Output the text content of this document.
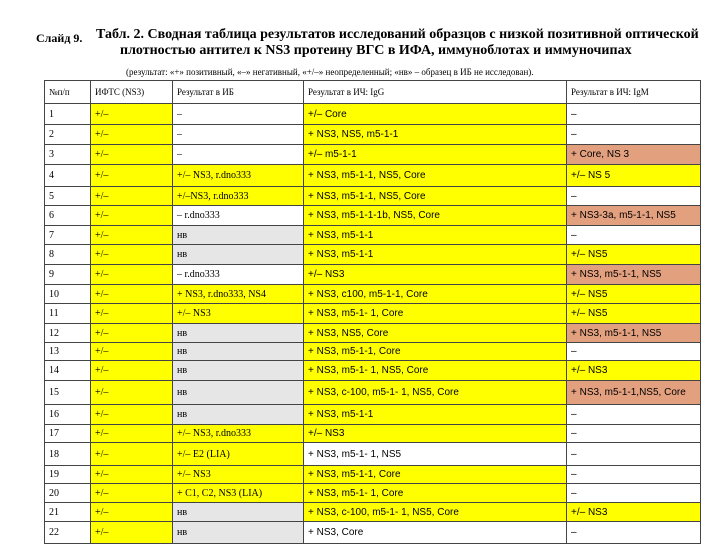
Слайд 9. Табл. 2. Сводная таблица результатов исследований образцов с низкой позитивной оптической
плотностью антител к NS3 протеину ВГС в ИФА, иммуноблотах и иммуночипах
(результат: «+» позитивный, «–» негативный, «+/–» неопределенный; «нв» – образец в ИБ не исследован).
№п/п	ИФТС (NS3)	Результат в ИБ	Результат в ИЧ: IgG	Результат в ИЧ: IgM
1	+/–	–	+/– Core	–
2	+/–	–	+ NS3, NS5, m5-1-1	–
3	+/–	–	+/– m5-1-1	+ Core, NS 3
4	+/–	+/– NS3, r.dno333	+ NS3, m5-1-1, NS5, Core	+/– NS 5
5	+/–	+/–NS3, r.dno333	+ NS3, m5-1-1, NS5, Core	–
6	+/–	– r.dno333	+ NS3, m5-1-1-1b, NS5, Core	+ NS3-3a, m5-1-1, NS5
7	+/–	нв	+ NS3, m5-1-1	–
8	+/–	нв	+ NS3, m5-1-1	+/– NS5
9	+/–	– r.dno333	+/– NS3	+ NS3, m5-1-1, NS5
10	+/–	+ NS3, r.dno333, NS4	+ NS3, c100, m5-1-1, Core	+/– NS5
11	+/–	+/– NS3	+ NS3, m5-1- 1, Core	+/– NS5
12	+/–	нв	+ NS3, NS5, Core	+ NS3, m5-1-1, NS5
13	+/–	нв	+ NS3, m5-1-1, Core	–
14	+/–	нв	+ NS3, m5-1- 1, NS5, Core	+/– NS3
15	+/–	нв	+ NS3, c-100, m5-1- 1, NS5, Core	+ NS3, m5-1-1,NS5, Core
16	+/–	нв	+ NS3, m5-1-1	–
17	+/–	+/– NS3, r.dno333	+/– NS3	–
18	+/–	+/– E2 (LIA)	+ NS3, m5-1- 1, NS5	–
19	+/–	+/– NS3	+ NS3, m5-1-1, Core	–
20	+/–	+ C1, C2, NS3 (LIA)	+ NS3, m5-1- 1, Core	–
21	+/–	нв	+ NS3, c-100, m5-1- 1, NS5, Core	+/– NS3
22	+/–	нв	+ NS3, Core	–
